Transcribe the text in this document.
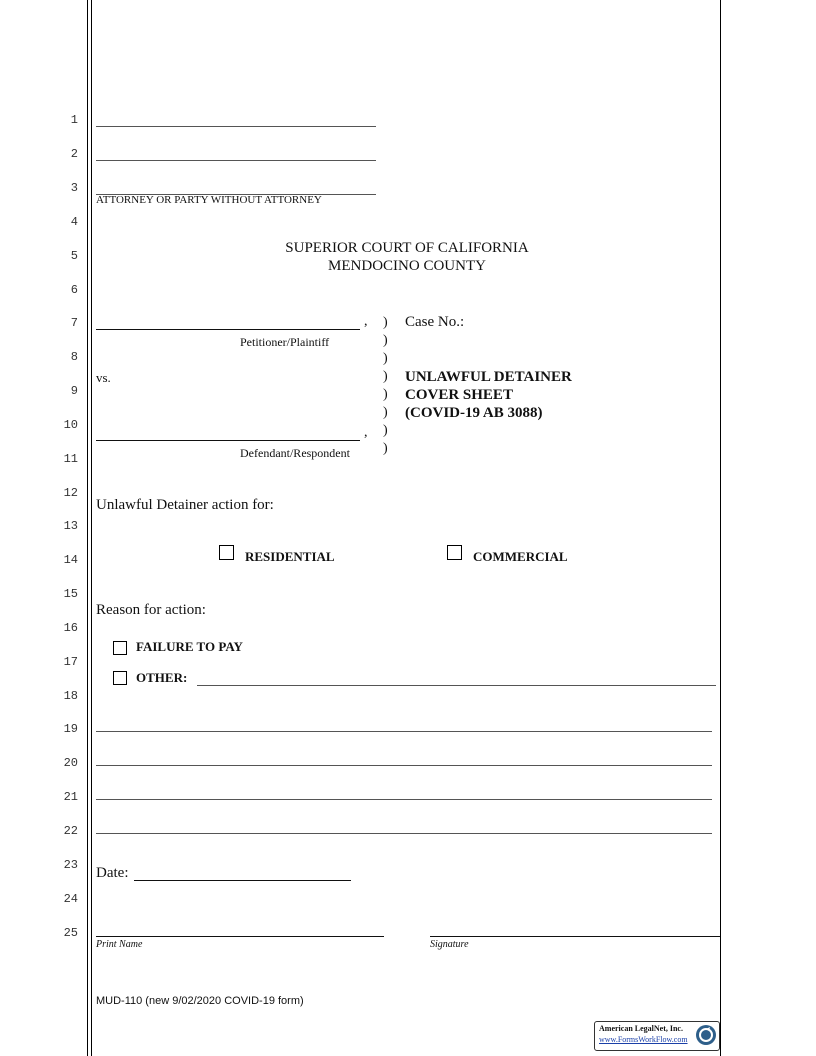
1
2
3
4
5
6
7
8
9
10
11
12
13
14
15
16
17
18
19
20
21
22
23
24
25
ATTORNEY OR PARTY WITHOUT ATTORNEY
SUPERIOR COURT OF CALIFORNIA
MENDOCINO COUNTY
,
Petitioner/Plaintiff
vs.
,
Defendant/Respondent
)
)
)
)
)
)
)
)
Case No.:
UNLAWFUL DETAINER
COVER SHEET
(COVID-19 AB 3088)
Unlawful Detainer action for:
RESIDENTIAL	COMMERCIAL
Reason for action:
FAILURE TO PAY
OTHER:
Date:
Print Name	Signature
MUD-110 (new 9/02/2020 COVID-19 form)
American LegalNet, Inc.
www.FormsWorkFlow.com
